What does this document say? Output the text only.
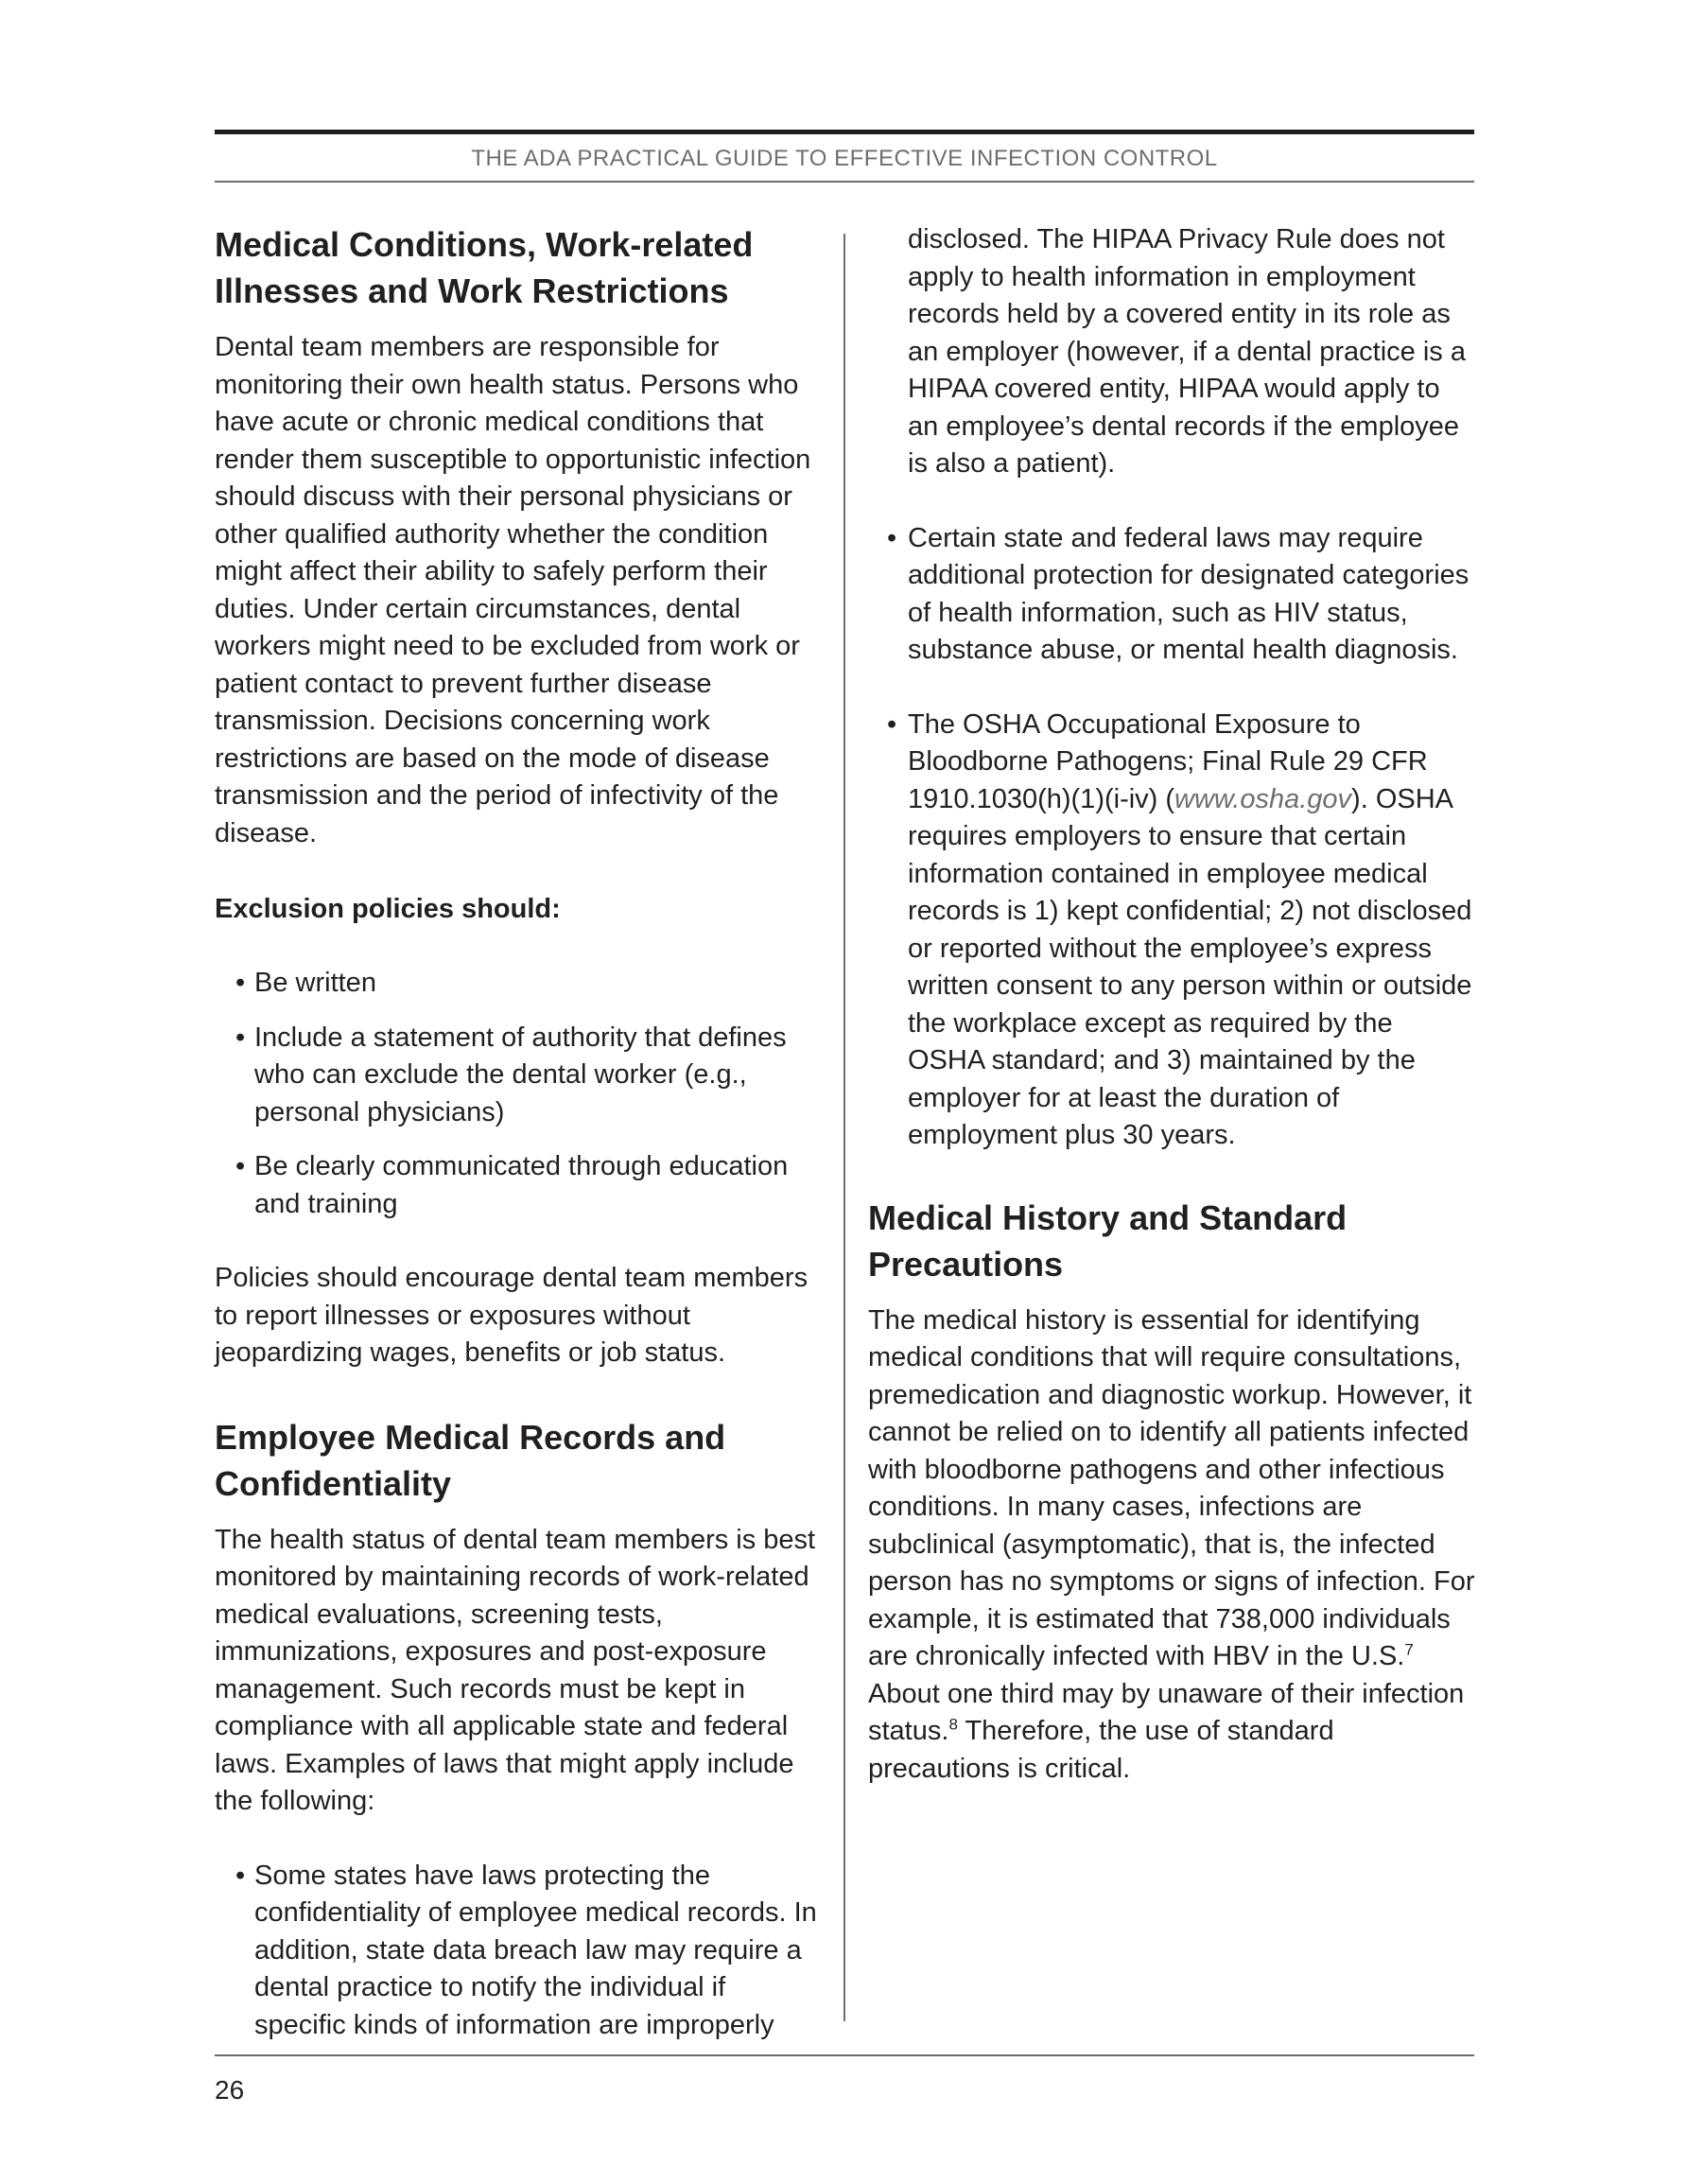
THE ADA PRACTICAL GUIDE TO EFFECTIVE INFECTION CONTROL
Medical Conditions, Work-related
Illnesses and Work Restrictions

Dental team members are responsible for monitoring their own health status. Persons who have acute or chronic medical conditions that render them susceptible to opportunistic infection should discuss with their personal physicians or other qualified authority whether the condition might affect their ability to safely perform their duties. Under certain circumstances, dental workers might need to be excluded from work or patient contact to prevent further disease transmission. Decisions concerning work restrictions are based on the mode of disease transmission and the period of infectivity of the disease.

Exclusion policies should:
• Be written
• Include a statement of authority that defines who can exclude the dental worker (e.g., personal physicians)
• Be clearly communicated through education and training

Policies should encourage dental team members to report illnesses or exposures without jeopardizing wages, benefits or job status.

Employee Medical Records and
Confidentiality

The health status of dental team members is best monitored by maintaining records of work-related medical evaluations, screening tests, immunizations, exposures and post-exposure management. Such records must be kept in compliance with all applicable state and federal laws. Examples of laws that might apply include the following:

• Some states have laws protecting the confidentiality of employee medical records. In addition, state data breach law may require a dental practice to notify the individual if specific kinds of information are improperly

disclosed. The HIPAA Privacy Rule does not apply to health information in employment records held by a covered entity in its role as an employer (however, if a dental practice is a HIPAA covered entity, HIPAA would apply to an employee’s dental records if the employee is also a patient).

• Certain state and federal laws may require additional protection for designated categories of health information, such as HIV status, substance abuse, or mental health diagnosis.
• The OSHA Occupational Exposure to Bloodborne Pathogens; Final Rule 29 CFR 1910.1030(h)(1)(i-iv) (www.osha.gov). OSHA requires employers to ensure that certain information contained in employee medical records is 1) kept confidential; 2) not disclosed or reported without the employee’s express written consent to any person within or outside the workplace except as required by the OSHA standard; and 3) maintained by the employer for at least the duration of employment plus 30 years.
Medical History and Standard
Precautions

The medical history is essential for identifying medical conditions that will require consultations, premedication and diagnostic workup. However, it cannot be relied on to identify all patients infected with bloodborne pathogens and other infectious conditions. In many cases, infections are subclinical (asymptomatic), that is, the infected person has no symptoms or signs of infection. For example, it is estimated that 738,000 individuals are chronically infected with HBV in the U.S.$^7$ About one third may by unaware of their infection status.$^8$ Therefore, the use of standard precautions is critical.

26
